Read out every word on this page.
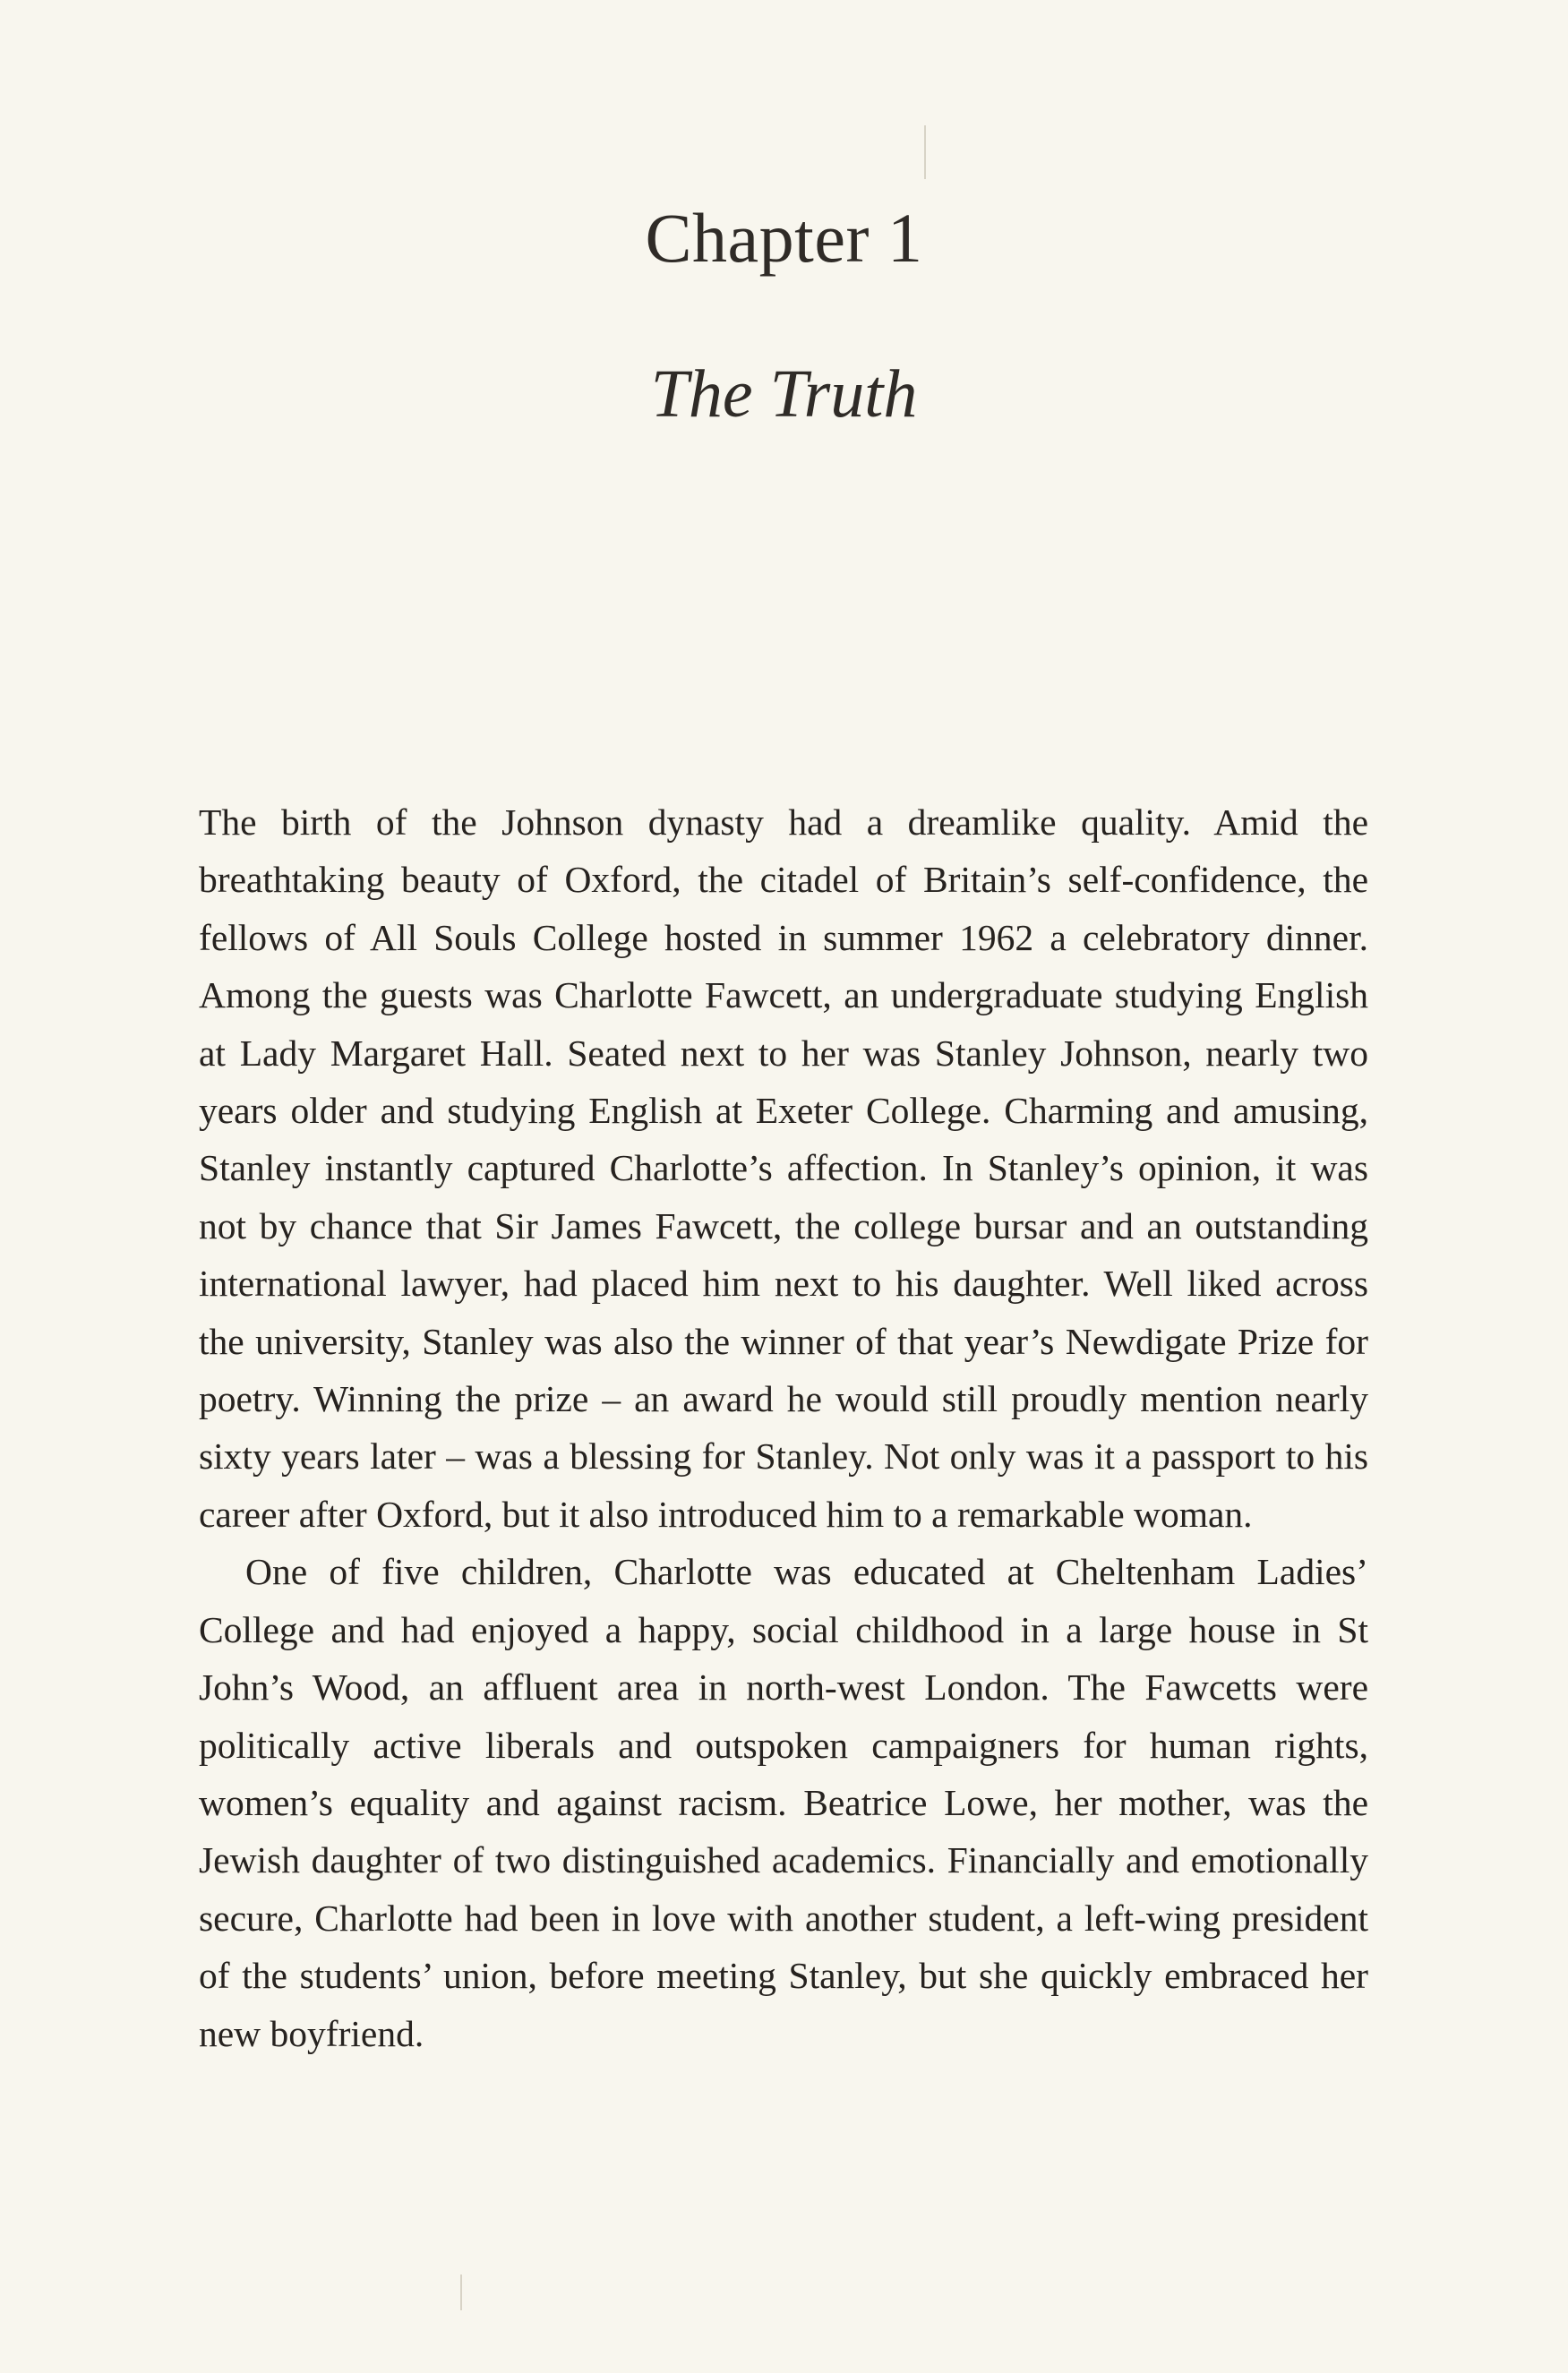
Chapter 1
The Truth

The birth of the Johnson dynasty had a dreamlike quality. Amid the breathtaking beauty of Oxford, the citadel of Britain’s self-confidence, the fellows of All Souls College hosted in summer 1962 a celebratory dinner. Among the guests was Charlotte Fawcett, an undergraduate studying English at Lady Margaret Hall. Seated next to her was Stanley Johnson, nearly two years older and studying English at Exeter College. Charming and amusing, Stanley instantly captured Charlotte’s affection. In Stanley’s opinion, it was not by chance that Sir James Fawcett, the college bursar and an outstanding international lawyer, had placed him next to his daughter. Well liked across the university, Stanley was also the winner of that year’s Newdigate Prize for poetry. Winning the prize – an award he would still proudly mention nearly sixty years later – was a blessing for Stanley. Not only was it a passport to his career after Oxford, but it also introduced him to a remarkable woman.

One of five children, Charlotte was educated at Cheltenham Ladies’ College and had enjoyed a happy, social childhood in a large house in St John’s Wood, an affluent area in north-west London. The Fawcetts were politically active liberals and outspoken campaigners for human rights, women’s equality and against racism. Beatrice Lowe, her mother, was the Jewish daughter of two distinguished academics. Financially and emotionally secure, Charlotte had been in love with another student, a left-wing president of the students’ union, before meeting Stanley, but she quickly embraced her new boyfriend.
